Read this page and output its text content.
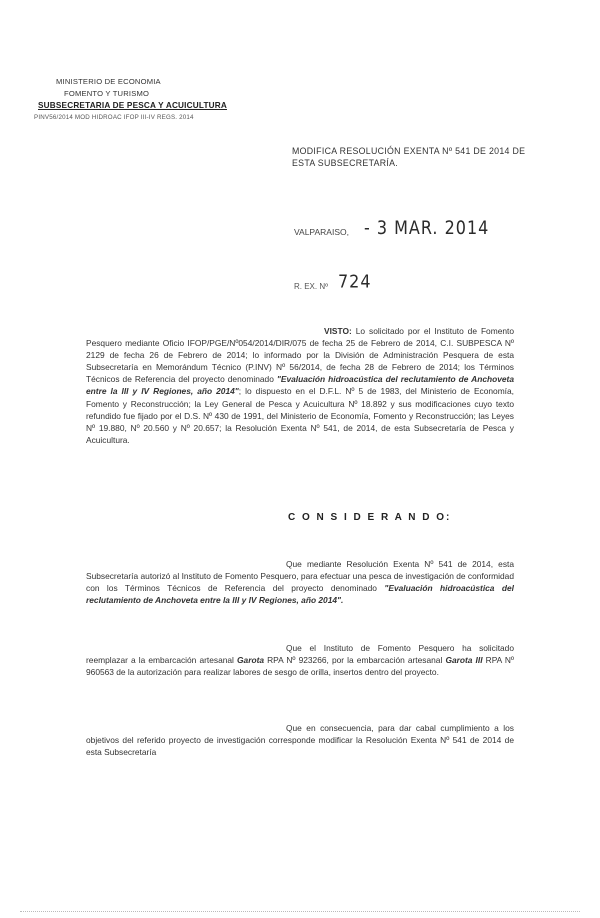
MINISTERIO DE ECONOMIA
FOMENTO Y TURISMO
SUBSECRETARIA DE PESCA Y ACUICULTURA
PINV56/2014 MOD HIDROAC IFOP III-IV REGS. 2014
MODIFICA RESOLUCIÓN EXENTA Nº 541 DE 2014 DE ESTA SUBSECRETARÍA.
VALPARAISO, - 3 MAR. 2014
R. EX. Nº 724
VISTO: Lo solicitado por el Instituto de Fomento Pesquero mediante Oficio IFOP/PGE/Nº054/2014/DIR/075 de fecha 25 de Febrero de 2014, C.I. SUBPESCA Nº 2129 de fecha 26 de Febrero de 2014; lo informado por la División de Administración Pesquera de esta Subsecretaría en Memorándum Técnico (P.INV) Nº 56/2014, de fecha 28 de Febrero de 2014; los Términos Técnicos de Referencia del proyecto denominado "Evaluación hidroacústica del reclutamiento de Anchoveta entre la III y IV Regiones, año 2014"; lo dispuesto en el D.F.L. Nº 5 de 1983, del Ministerio de Economía, Fomento y Reconstrucción; la Ley General de Pesca y Acuicultura Nº 18.892 y sus modificaciones cuyo texto refundido fue fijado por el D.S. Nº 430 de 1991, del Ministerio de Economía, Fomento y Reconstrucción; las Leyes Nº 19.880, Nº 20.560 y Nº 20.657; la Resolución Exenta Nº 541, de 2014, de esta Subsecretaría de Pesca y Acuicultura.
C O N S I D E R A N D O:
Que mediante Resolución Exenta Nº 541 de 2014, esta Subsecretaría autorizó al Instituto de Fomento Pesquero, para efectuar una pesca de investigación de conformidad con los Términos Técnicos de Referencia del proyecto denominado "Evaluación hidroacústica del reclutamiento de Anchoveta entre la III y IV Regiones, año 2014".
Que el Instituto de Fomento Pesquero ha solicitado reemplazar a la embarcación artesanal Garota RPA Nº 923266, por la embarcación artesanal Garota III RPA Nº 960563 de la autorización para realizar labores de sesgo de orilla, insertos dentro del proyecto.
Que en consecuencia, para dar cabal cumplimiento a los objetivos del referido proyecto de investigación corresponde modificar la Resolución Exenta Nº 541 de 2014 de esta Subsecretaría
